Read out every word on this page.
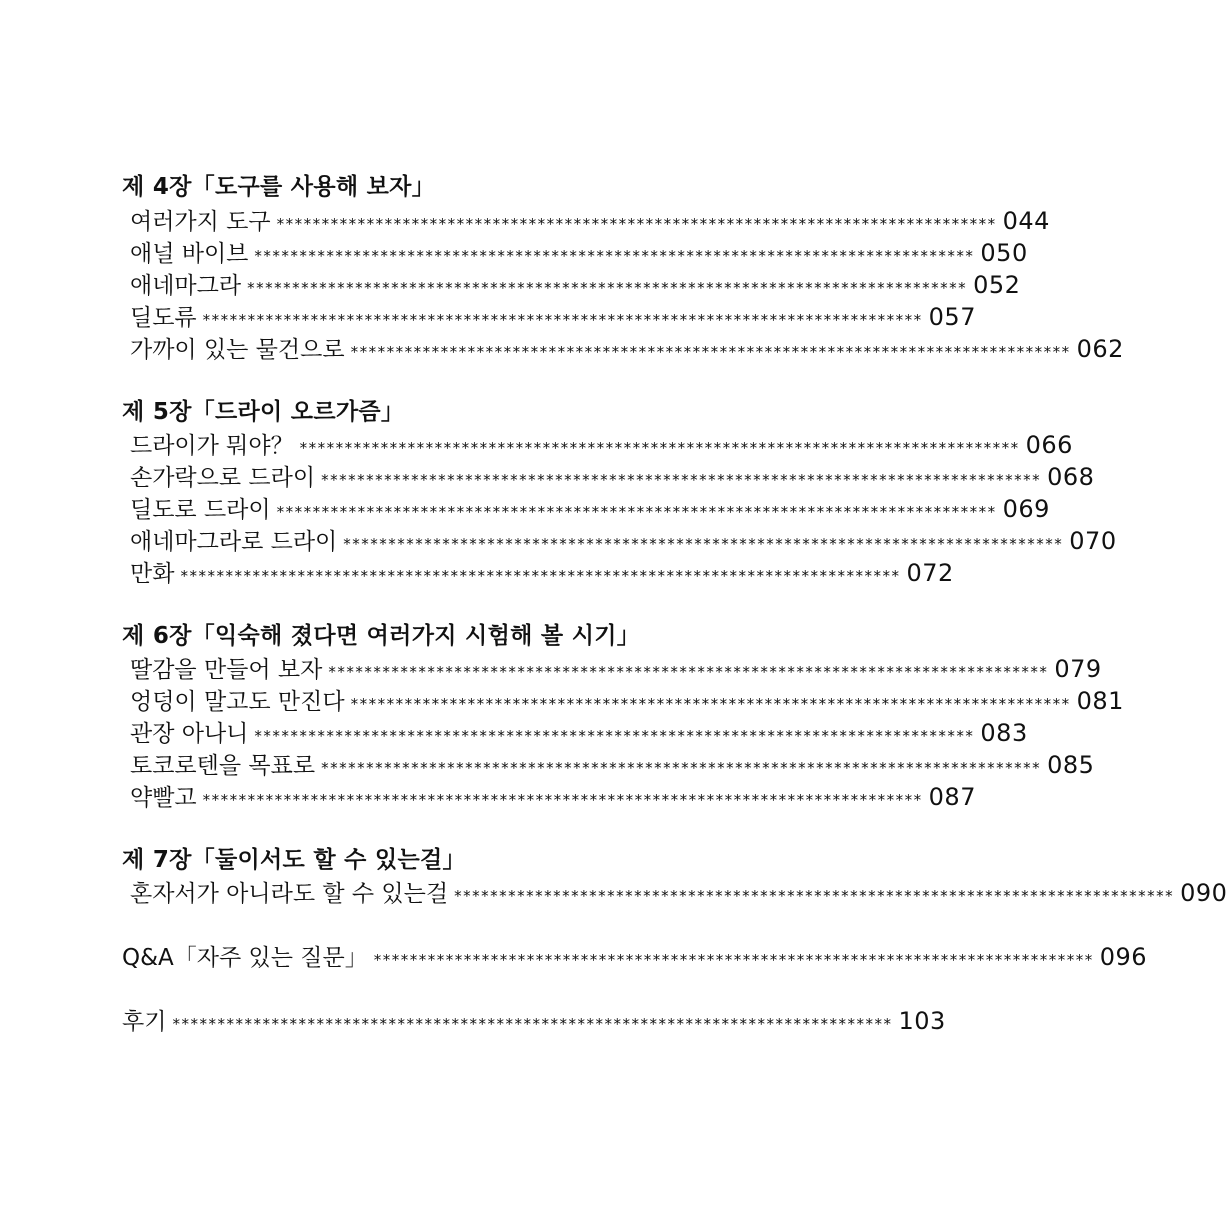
제 4장「도구를 사용해 보자」
여러가지 도구 ******************************************************************************** 044
애널 바이브 ******************************************************************************** 050
애네마그라 ******************************************************************************** 052
딜도류 ******************************************************************************** 057
가까이 있는 물건으로 ******************************************************************************** 062
제 5장「드라이 오르가즘」
드라이가 뭐야？ ******************************************************************************** 066
손가락으로 드라이 ******************************************************************************** 068
딜도로 드라이 ******************************************************************************** 069
애네마그라로 드라이 ******************************************************************************** 070
만화 ******************************************************************************** 072
제 6장「익숙해 졌다면 여러가지 시험해 볼 시기」
딸감을 만들어 보자 ******************************************************************************** 079
엉덩이 말고도 만진다 ******************************************************************************** 081
관장 아나니 ******************************************************************************** 083
토코로텐을 목표로 ******************************************************************************** 085
약빨고 ******************************************************************************** 087
제 7장「둘이서도 할 수 있는걸」
혼자서가 아니라도 할 수 있는걸 ******************************************************************************** 090
Q&A「자주 있는 질문」 ******************************************************************************** 096
후기 ******************************************************************************** 103
